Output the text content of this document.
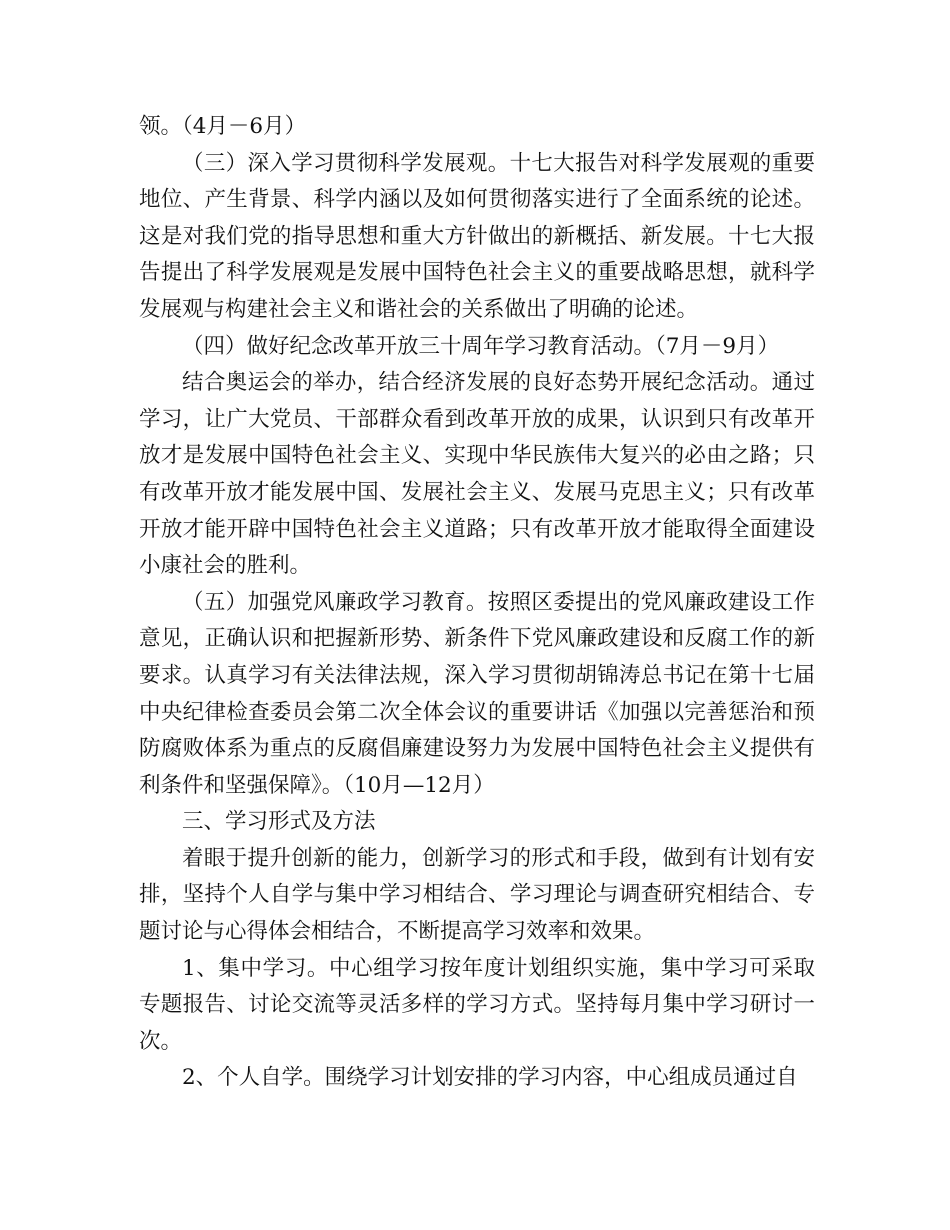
领。（4月－6月）

（三）深入学习贯彻科学发展观。十七大报告对科学发展观的重要地位、产生背景、科学内涵以及如何贯彻落实进行了全面系统的论述。这是对我们党的指导思想和重大方针做出的新概括、新发展。十七大报告提出了科学发展观是发展中国特色社会主义的重要战略思想，就科学发展观与构建社会主义和谐社会的关系做出了明确的论述。

（四）做好纪念改革开放三十周年学习教育活动。（7月－9月）

结合奥运会的举办，结合经济发展的良好态势开展纪念活动。通过学习，让广大党员、干部群众看到改革开放的成果，认识到只有改革开放才是发展中国特色社会主义、实现中华民族伟大复兴的必由之路；只有改革开放才能发展中国、发展社会主义、发展马克思主义；只有改革开放才能开辟中国特色社会主义道路；只有改革开放才能取得全面建设小康社会的胜利。

（五）加强党风廉政学习教育。按照区委提出的党风廉政建设工作意见，正确认识和把握新形势、新条件下党风廉政建设和反腐工作的新要求。认真学习有关法律法规，深入学习贯彻胡锦涛总书记在第十七届中央纪律检查委员会第二次全体会议的重要讲话《加强以完善惩治和预防腐败体系为重点的反腐倡廉建设努力为发展中国特色社会主义提供有利条件和坚强保障》。（10月—12月）

三、学习形式及方法

着眼于提升创新的能力，创新学习的形式和手段，做到有计划有安排，坚持个人自学与集中学习相结合、学习理论与调查研究相结合、专题讨论与心得体会相结合，不断提高学习效率和效果。

1、集中学习。中心组学习按年度计划组织实施，集中学习可采取专题报告、讨论交流等灵活多样的学习方式。坚持每月集中学习研讨一次。

2、个人自学。围绕学习计划安排的学习内容，中心组成员通过自
